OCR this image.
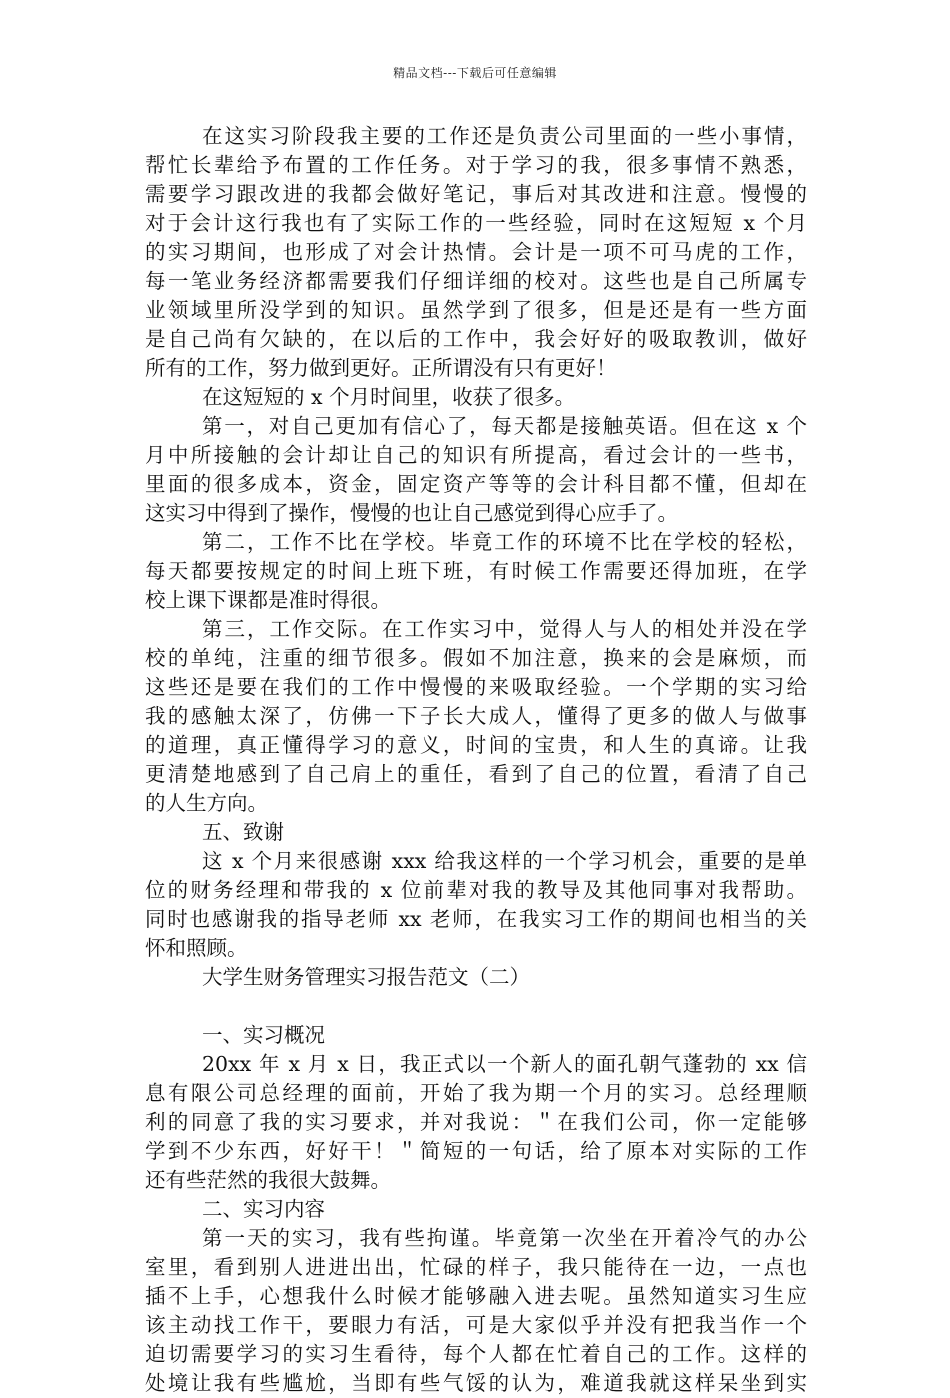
精品文档---下载后可任意编辑
在这实习阶段我主要的工作还是负责公司里面的一些小事情，
帮忙长辈给予布置的工作任务。对于学习的我，很多事情不熟悉，
需要学习跟改进的我都会做好笔记，事后对其改进和注意。慢慢的
对于会计这行我也有了实际工作的一些经验，同时在这短短 x 个月
的实习期间，也形成了对会计热情。会计是一项不可马虎的工作，
每一笔业务经济都需要我们仔细详细的校对。这些也是自己所属专
业领域里所没学到的知识。虽然学到了很多，但是还是有一些方面
是自己尚有欠缺的，在以后的工作中，我会好好的吸取教训，做好
所有的工作，努力做到更好。正所谓没有只有更好！
在这短短的 x 个月时间里，收获了很多。
第一，对自己更加有信心了，每天都是接触英语。但在这 x 个
月中所接触的会计却让自己的知识有所提高，看过会计的一些书，
里面的很多成本，资金，固定资产等等的会计科目都不懂，但却在
这实习中得到了操作，慢慢的也让自己感觉到得心应手了。
第二，工作不比在学校。毕竟工作的环境不比在学校的轻松，
每天都要按规定的时间上班下班，有时候工作需要还得加班，在学
校上课下课都是准时得很。
第三，工作交际。在工作实习中，觉得人与人的相处并没在学
校的单纯，注重的细节很多。假如不加注意，换来的会是麻烦，而
这些还是要在我们的工作中慢慢的来吸取经验。一个学期的实习给
我的感触太深了，仿佛一下子长大成人，懂得了更多的做人与做事
的道理，真正懂得学习的意义，时间的宝贵，和人生的真谛。让我
更清楚地感到了自己肩上的重任，看到了自己的位置，看清了自己
的人生方向。
五、致谢
这 x 个月来很感谢 xxx 给我这样的一个学习机会，重要的是单
位的财务经理和带我的 x 位前辈对我的教导及其他同事对我帮助。
同时也感谢我的指导老师 xx 老师，在我实习工作的期间也相当的关
怀和照顾。
大学生财务管理实习报告范文（二）
一、实习概况
20xx 年 x 月 x 日，我正式以一个新人的面孔朝气蓬勃的 xx 信
息有限公司总经理的面前，开始了我为期一个月的实习。总经理顺
利的同意了我的实习要求，并对我说：＂在我们公司，你一定能够
学到不少东西，好好干！＂简短的一句话，给了原本对实际的工作
还有些茫然的我很大鼓舞。
二、实习内容
第一天的实习，我有些拘谨。毕竟第一次坐在开着冷气的办公
室里，看到别人进进出出，忙碌的样子，我只能待在一边，一点也
插不上手，心想我什么时候才能够融入进去呢。虽然知道实习生应
该主动找工作干，要眼力有活，可是大家似乎并没有把我当作一个
迫切需要学习的实习生看待，每个人都在忙着自己的工作。这样的
处境让我有些尴尬，当即有些气馁的认为，难道我就这样呆坐到实
